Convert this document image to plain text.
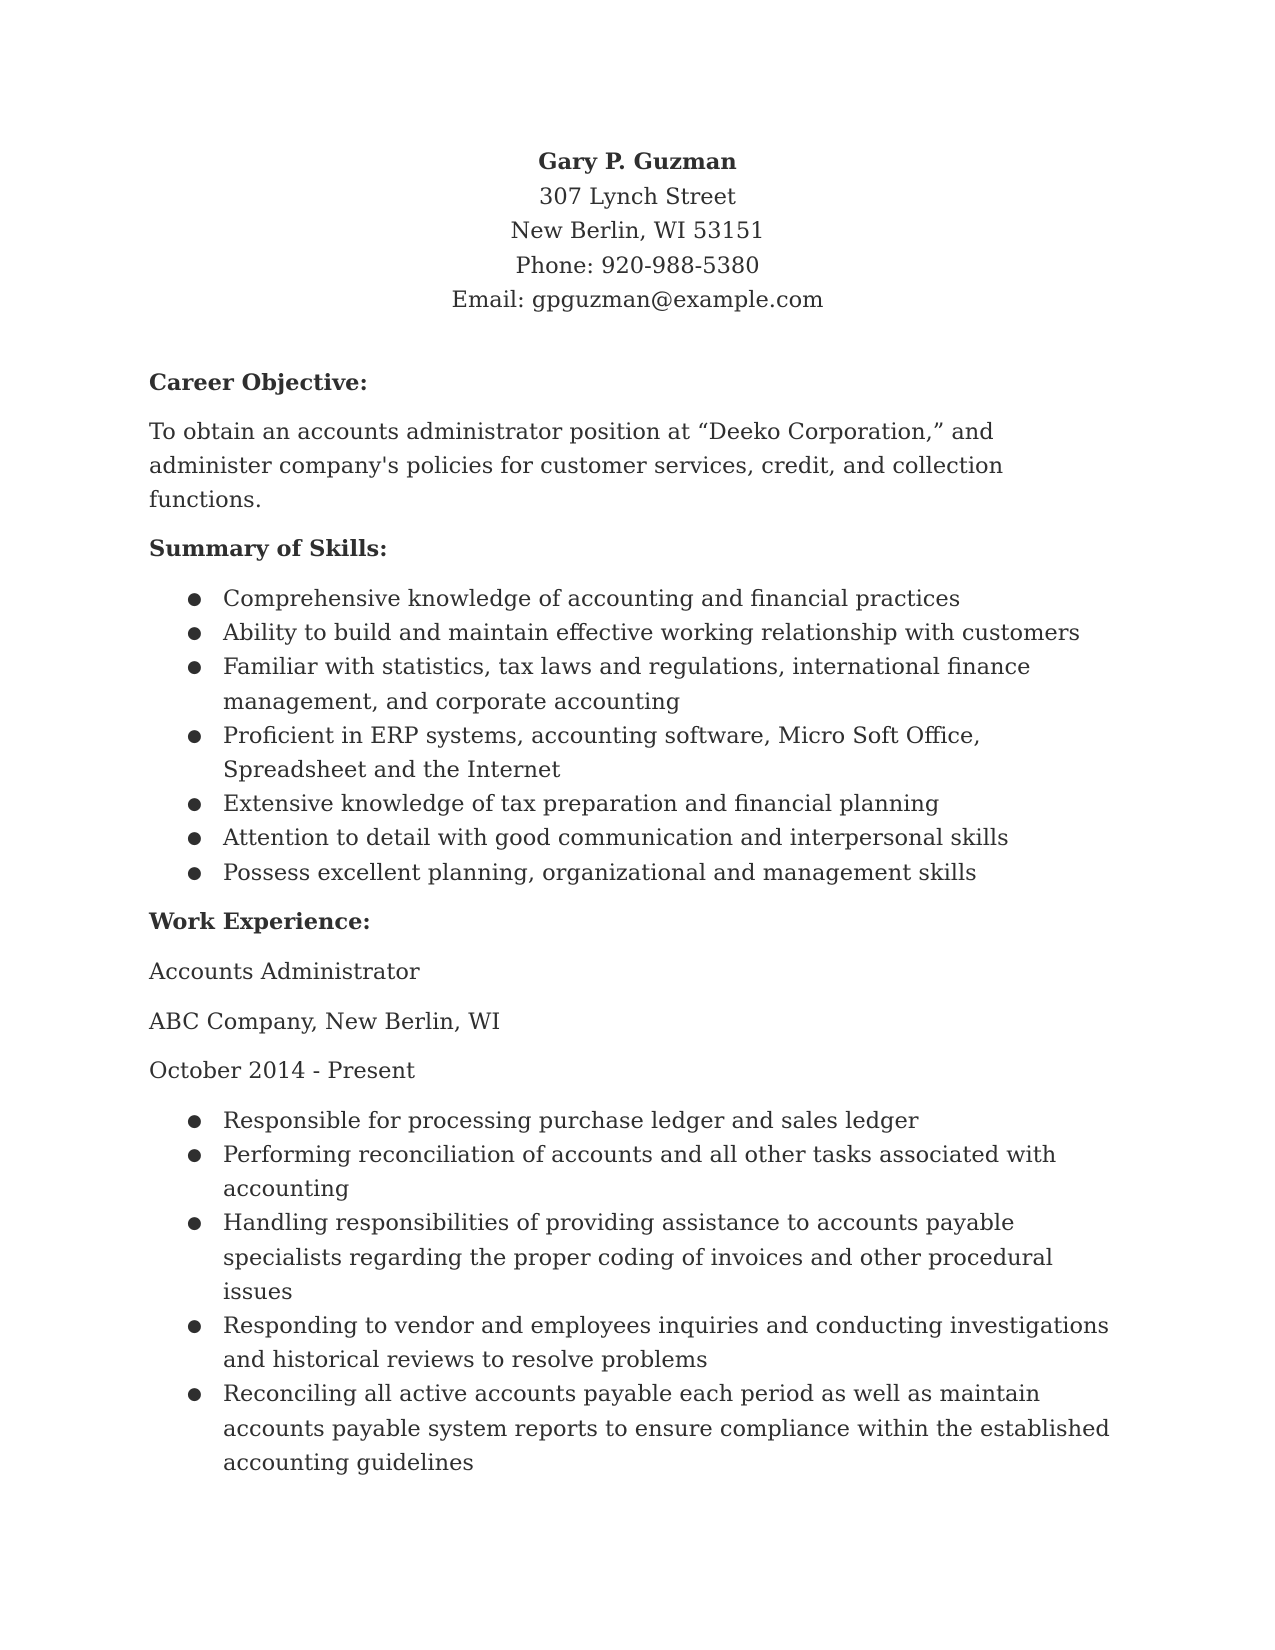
Gary P. Guzman
307 Lynch Street
New Berlin, WI 53151
Phone: 920-988-5380
Email: gpguzman@example.com

Career Objective:

To obtain an accounts administrator position at “Deeko Corporation,” and administer company's policies for customer services, credit, and collection functions.

Summary of Skills:

● Comprehensive knowledge of accounting and financial practices
● Ability to build and maintain effective working relationship with customers
● Familiar with statistics, tax laws and regulations, international finance management, and corporate accounting
● Proficient in ERP systems, accounting software, Micro Soft Office, Spreadsheet and the Internet
● Extensive knowledge of tax preparation and financial planning
● Attention to detail with good communication and interpersonal skills
● Possess excellent planning, organizational and management skills

Work Experience:

Accounts Administrator

ABC Company, New Berlin, WI

October 2014 - Present

● Responsible for processing purchase ledger and sales ledger
● Performing reconciliation of accounts and all other tasks associated with accounting
● Handling responsibilities of providing assistance to accounts payable specialists regarding the proper coding of invoices and other procedural issues
● Responding to vendor and employees inquiries and conducting investigations and historical reviews to resolve problems
● Reconciling all active accounts payable each period as well as maintain accounts payable system reports to ensure compliance within the established accounting guidelines
